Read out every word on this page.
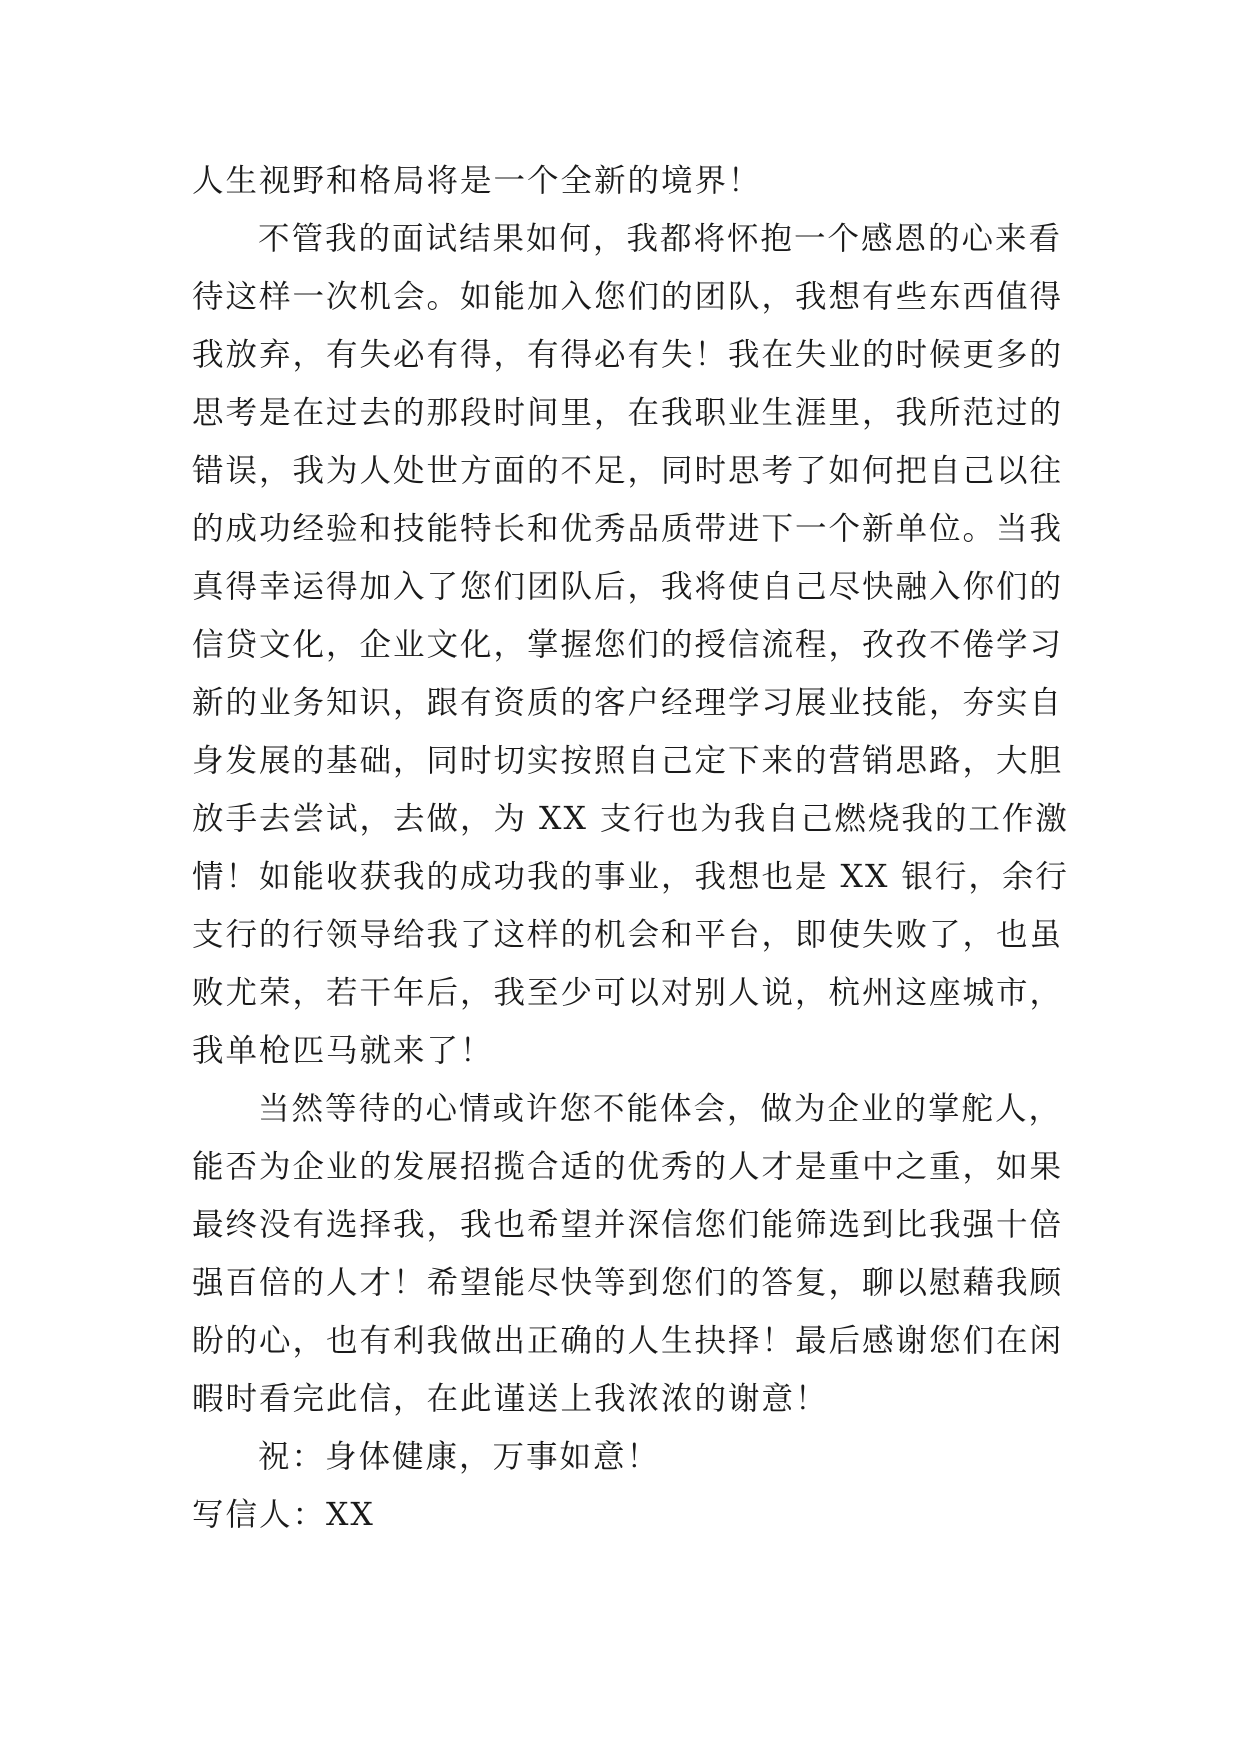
人生视野和格局将是一个全新的境界！
不管我的面试结果如何，我都将怀抱一个感恩的心来看
待这样一次机会。如能加入您们的团队，我想有些东西值得
我放弃，有失必有得，有得必有失！我在失业的时候更多的
思考是在过去的那段时间里，在我职业生涯里，我所范过的
错误，我为人处世方面的不足，同时思考了如何把自己以往
的成功经验和技能特长和优秀品质带进下一个新单位。当我
真得幸运得加入了您们团队后，我将使自己尽快融入你们的
信贷文化，企业文化，掌握您们的授信流程，孜孜不倦学习
新的业务知识，跟有资质的客户经理学习展业技能，夯实自
身发展的基础，同时切实按照自己定下来的营销思路，大胆
放手去尝试，去做，为 XX 支行也为我自己燃烧我的工作激
情！如能收获我的成功我的事业，我想也是 XX 银行，余行
支行的行领导给我了这样的机会和平台，即使失败了，也虽
败尤荣，若干年后，我至少可以对别人说，杭州这座城市，
我单枪匹马就来了！
当然等待的心情或许您不能体会，做为企业的掌舵人，
能否为企业的发展招揽合适的优秀的人才是重中之重，如果
最终没有选择我，我也希望并深信您们能筛选到比我强十倍
强百倍的人才！希望能尽快等到您们的答复，聊以慰藉我顾
盼的心，也有利我做出正确的人生抉择！最后感谢您们在闲
暇时看完此信，在此谨送上我浓浓的谢意！
祝：身体健康，万事如意！
写信人：XX
